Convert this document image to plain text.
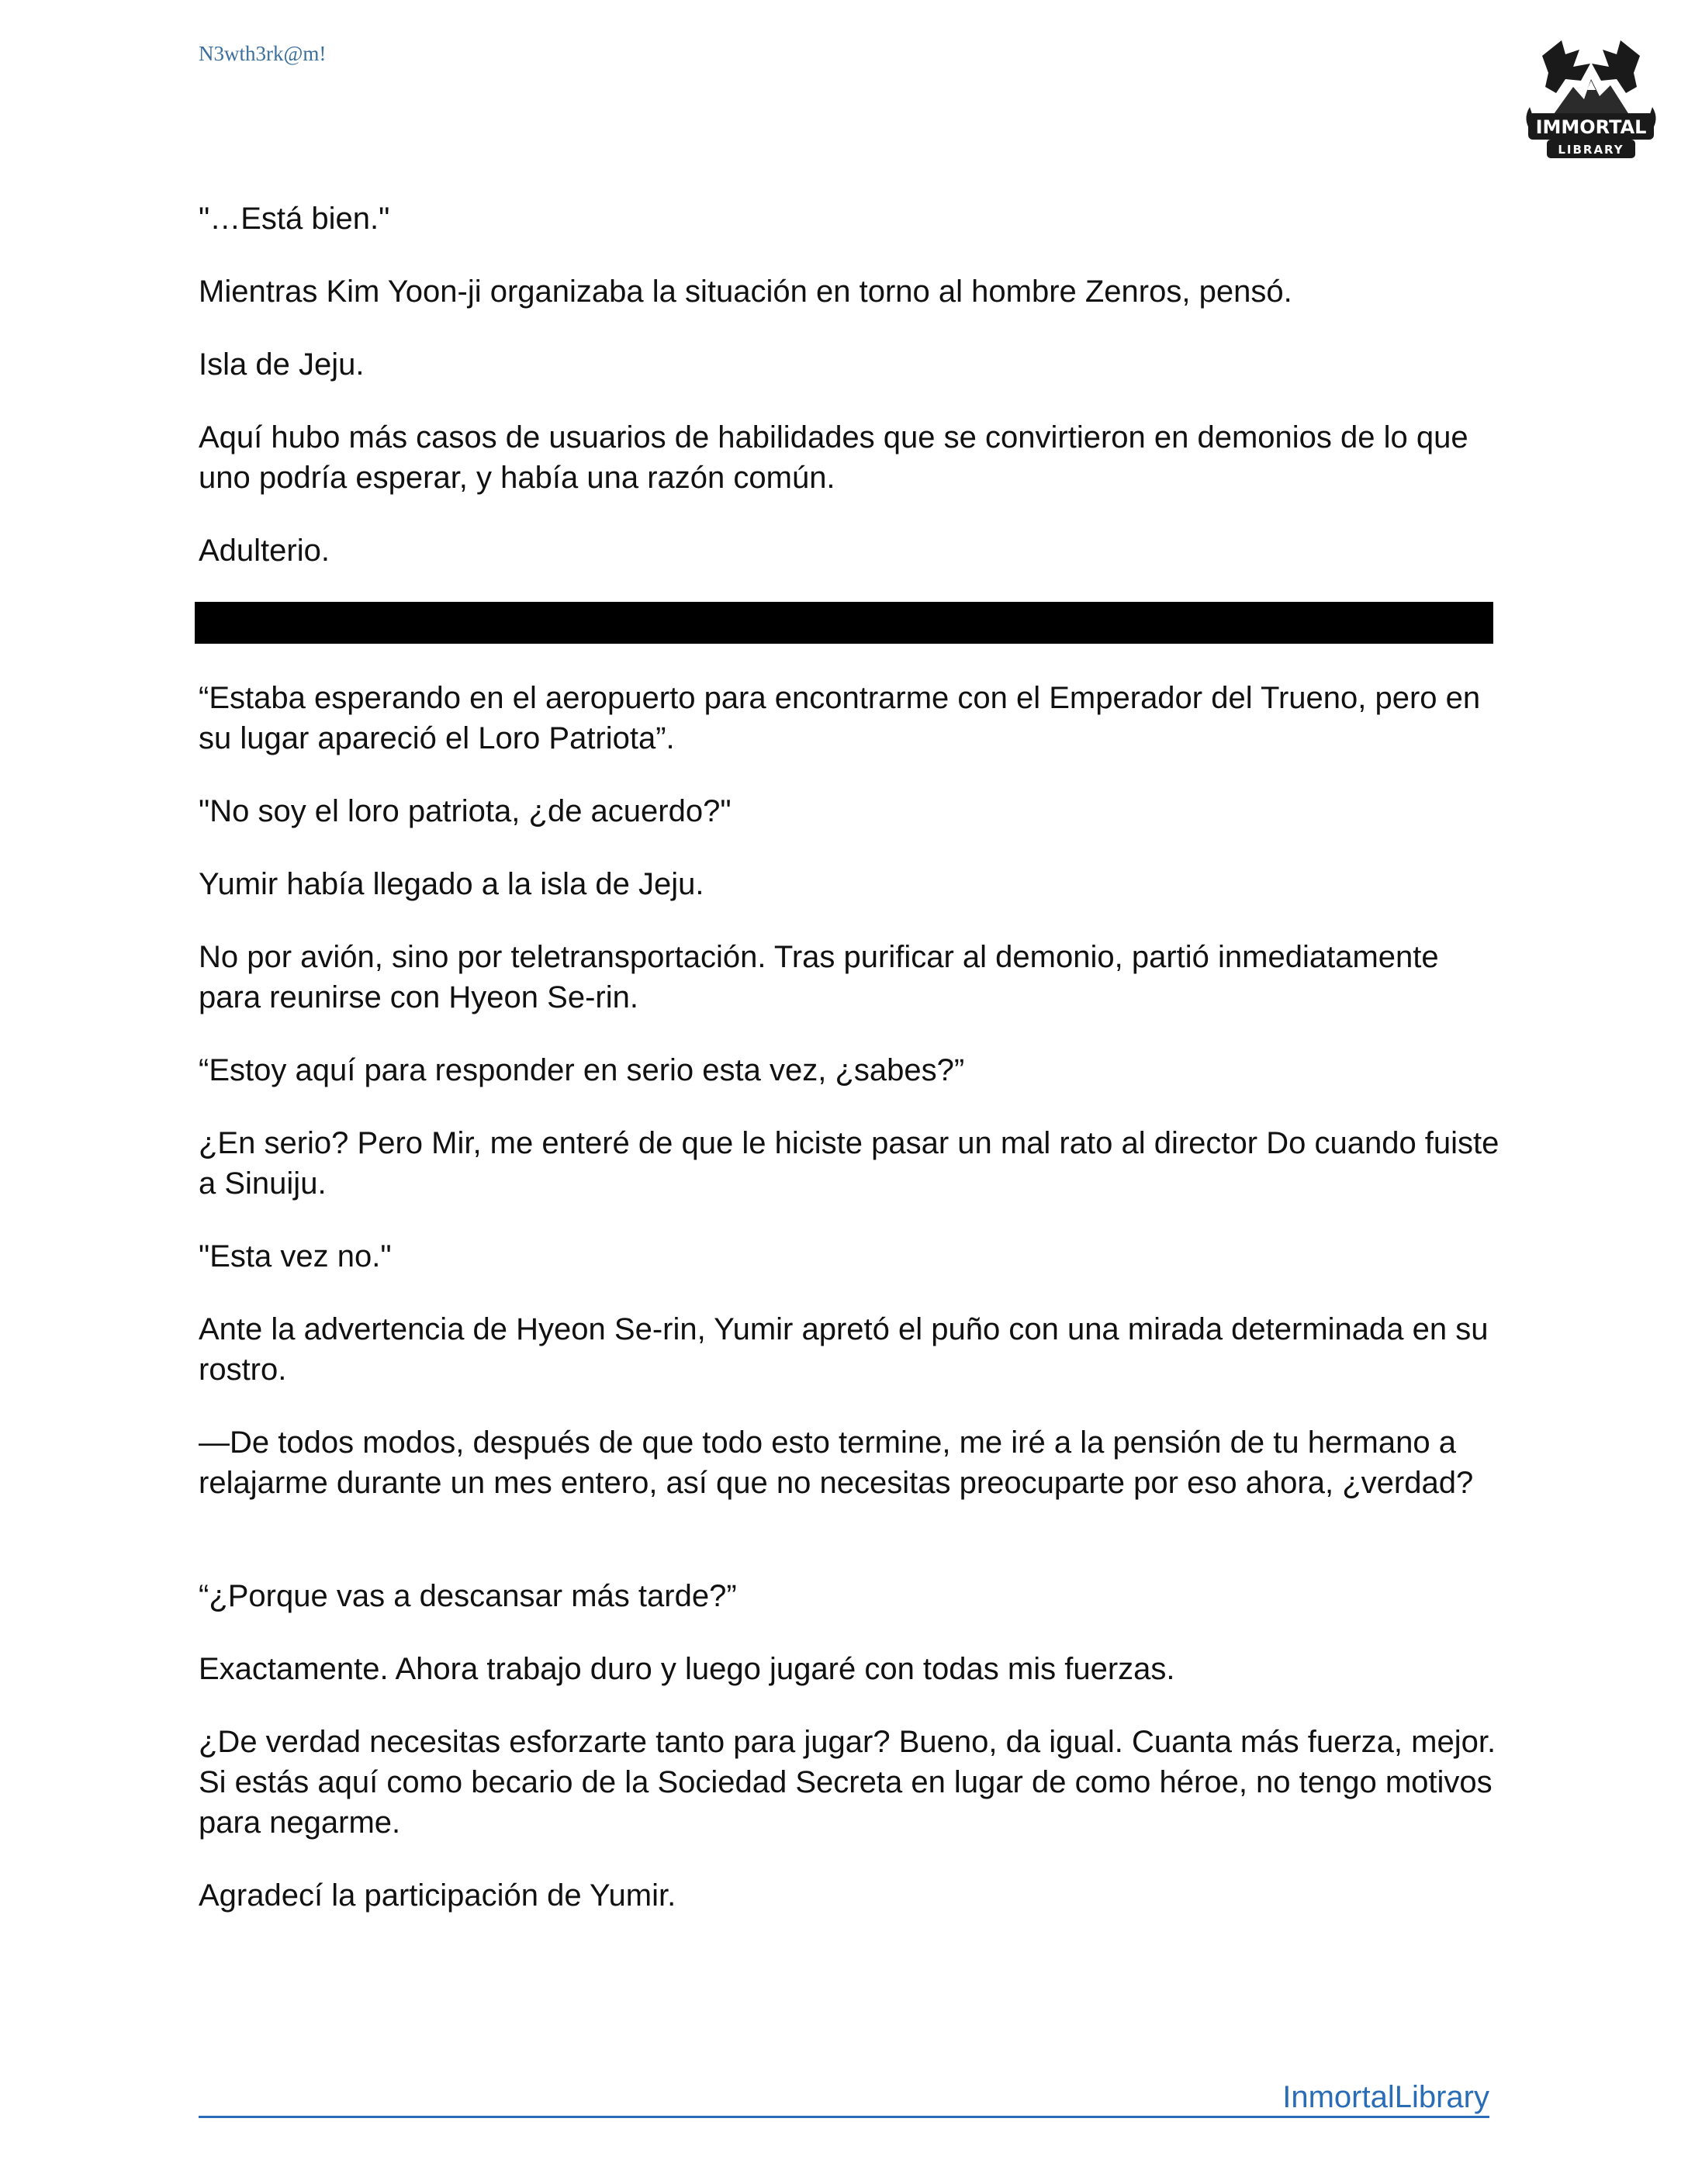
N3wth3rk@m!

IMMORTAL
LIBRARY

"…Está bien."

Mientras Kim Yoon-ji organizaba la situación en torno al hombre Zenros, pensó.

Isla de Jeju.

Aquí hubo más casos de usuarios de habilidades que se convirtieron en demonios de lo que uno podría esperar, y había una razón común.

Adulterio.

“Estaba esperando en el aeropuerto para encontrarme con el Emperador del Trueno, pero en su lugar apareció el Loro Patriota”.

"No soy el loro patriota, ¿de acuerdo?"

Yumir había llegado a la isla de Jeju.

No por avión, sino por teletransportación. Tras purificar al demonio, partió inmediatamente para reunirse con Hyeon Se-rin.

“Estoy aquí para responder en serio esta vez, ¿sabes?”

¿En serio? Pero Mir, me enteré de que le hiciste pasar un mal rato al director Do cuando fuiste a Sinuiju.

"Esta vez no."

Ante la advertencia de Hyeon Se-rin, Yumir apretó el puño con una mirada determinada en su rostro.

—De todos modos, después de que todo esto termine, me iré a la pensión de tu hermano a relajarme durante un mes entero, así que no necesitas preocuparte por eso ahora, ¿verdad?

“¿Porque vas a descansar más tarde?”

Exactamente. Ahora trabajo duro y luego jugaré con todas mis fuerzas.

¿De verdad necesitas esforzarte tanto para jugar? Bueno, da igual. Cuanta más fuerza, mejor. Si estás aquí como becario de la Sociedad Secreta en lugar de como héroe, no tengo motivos para negarme.

Agradecí la participación de Yumir.

InmortalLibrary
